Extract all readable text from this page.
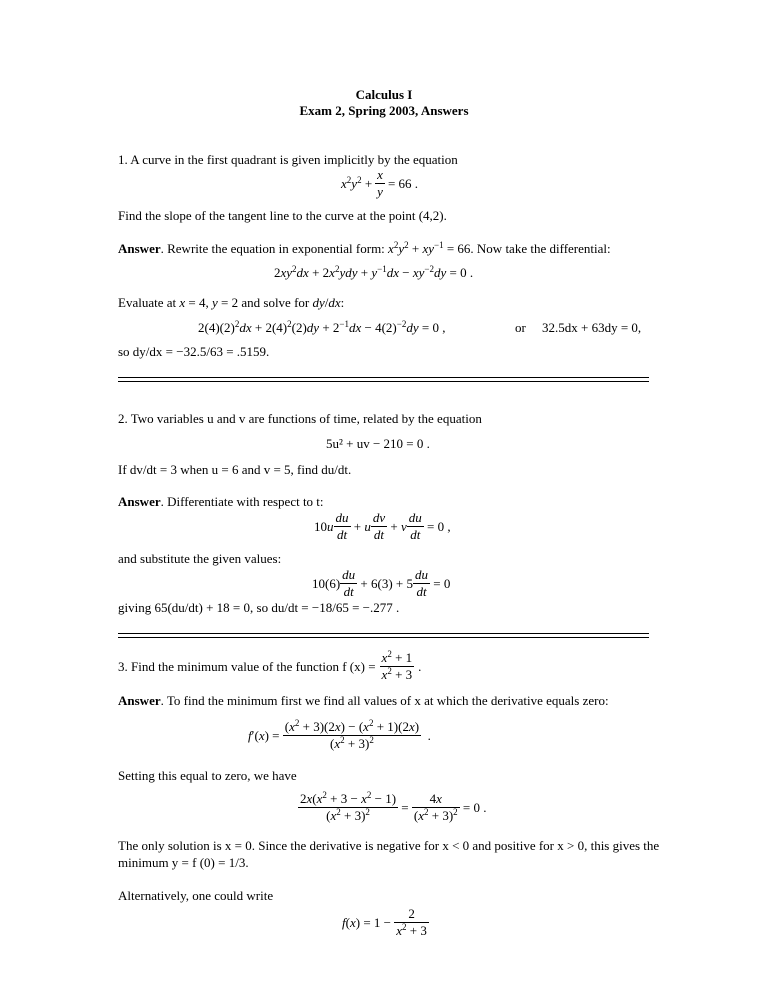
Calculus I
Exam 2, Spring 2003, Answers
1. A curve in the first quadrant is given implicitly by the equation
$x^2y^2 + \frac{x}{y} = 66$ .
Find the slope of the tangent line to the curve at the point (4,2).
Answer. Rewrite the equation in exponential form: $x^2y^2 + xy^{-1} = 66$. Now take the differential:
$2xy^2dx + 2x^2ydy + y^{-1}dx - xy^{-2}dy = 0$ .
Evaluate at x = 4, y = 2 and solve for dy/dx:
$2(4)(2)^2dx + 2(4)^2(2)dy + 2^{-1}dx - 4(2)^{-2}dy = 0$ ,	or 32.5dx + 63dy = 0,
so dy/dx = −32.5/63 = .5159.
2. Two variables u and v are functions of time, related by the equation
5u² + uv − 210 = 0 .
If dv/dt = 3 when u = 6 and v = 5, find du/dt.
Answer. Differentiate with respect to t:
$10u \frac{du}{dt} + u \frac{dv}{dt} + v \frac{du}{dt} = 0$ ,
and substitute the given values:
$10(6) \frac{du}{dt} + 6(3) + 5 \frac{du}{dt} = 0$
giving 65(du/dt) + 18 = 0, so du/dt = −18/65 = −.277 .
3. Find the minimum value of the function f $(x) = \frac{x^2 + 1}{x^2 + 3}$ .
Answer. To find the minimum first we find all values of x at which the derivative equals zero:
$f'(x) = \frac{(x^2 + 3)(2x) - (x^2 + 1)(2x)}{(x^2 + 3)^2}$ .
Setting this equal to zero, we have
$\frac{2x(x^2 + 3 - x^2 - 1)}{(x^2 + 3)^2} = \frac{4x}{(x^2 + 3)^2} = 0$ .
The only solution is x = 0. Since the derivative is negative for x < 0 and positive for x > 0, this gives the
minimum y = f (0) = 1/3.
Alternatively, one could write
$f(x) = 1 - \frac{2}{x^2 + 3}$
